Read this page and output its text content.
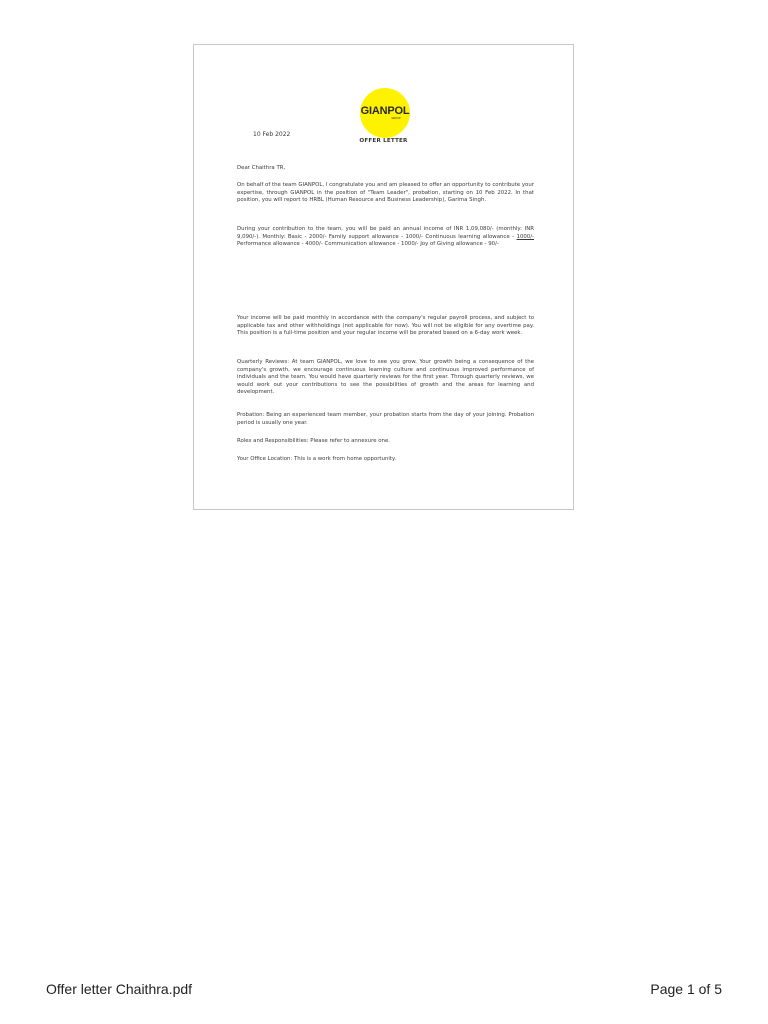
GIANPOL
GROUP
10 Feb 2022
OFFER LETTER

Dear Chaithra TR,

On behalf of the team GIANPOL, I congratulate you and am pleased to offer an opportunity to contribute your expertise, through GIANPOL in the position of "Team Leader", probation, starting on 10 Feb 2022. In that position, you will report to HRBL (Human Resource and Business Leadership), Garima Singh.

During your contribution to the team, you will be paid an annual income of INR 1,09,080/- (monthly: INR 9,090/-). Monthly: Basic - 2000/- Family support allowance - 1000/- Continuous learning allowance - 1000/- Performance allowance - 4000/- Communication allowance - 1000/- Joy of Giving allowance - 90/-

Your income will be paid monthly in accordance with the company's regular payroll process, and subject to applicable tax and other withholdings (not applicable for now). You will not be eligible for any overtime pay. This position is a full-time position and your regular income will be prorated based on a 6-day work week.

Quarterly Reviews: At team GIANPOL, we love to see you grow. Your growth being a consequence of the company's growth, we encourage continuous learning culture and continuous improved performance of individuals and the team. You would have quarterly reviews for the first year. Through quarterly reviews, we would work out your contributions to see the possibilities of growth and the areas for learning and development.

Probation: Being an experienced team member, your probation starts from the day of your joining. Probation period is usually one year.

Roles and Responsibilities: Please refer to annexure one.

Your Office Location: This is a work from home opportunity.

Offer letter Chaithra.pdf	Page 1 of 5
